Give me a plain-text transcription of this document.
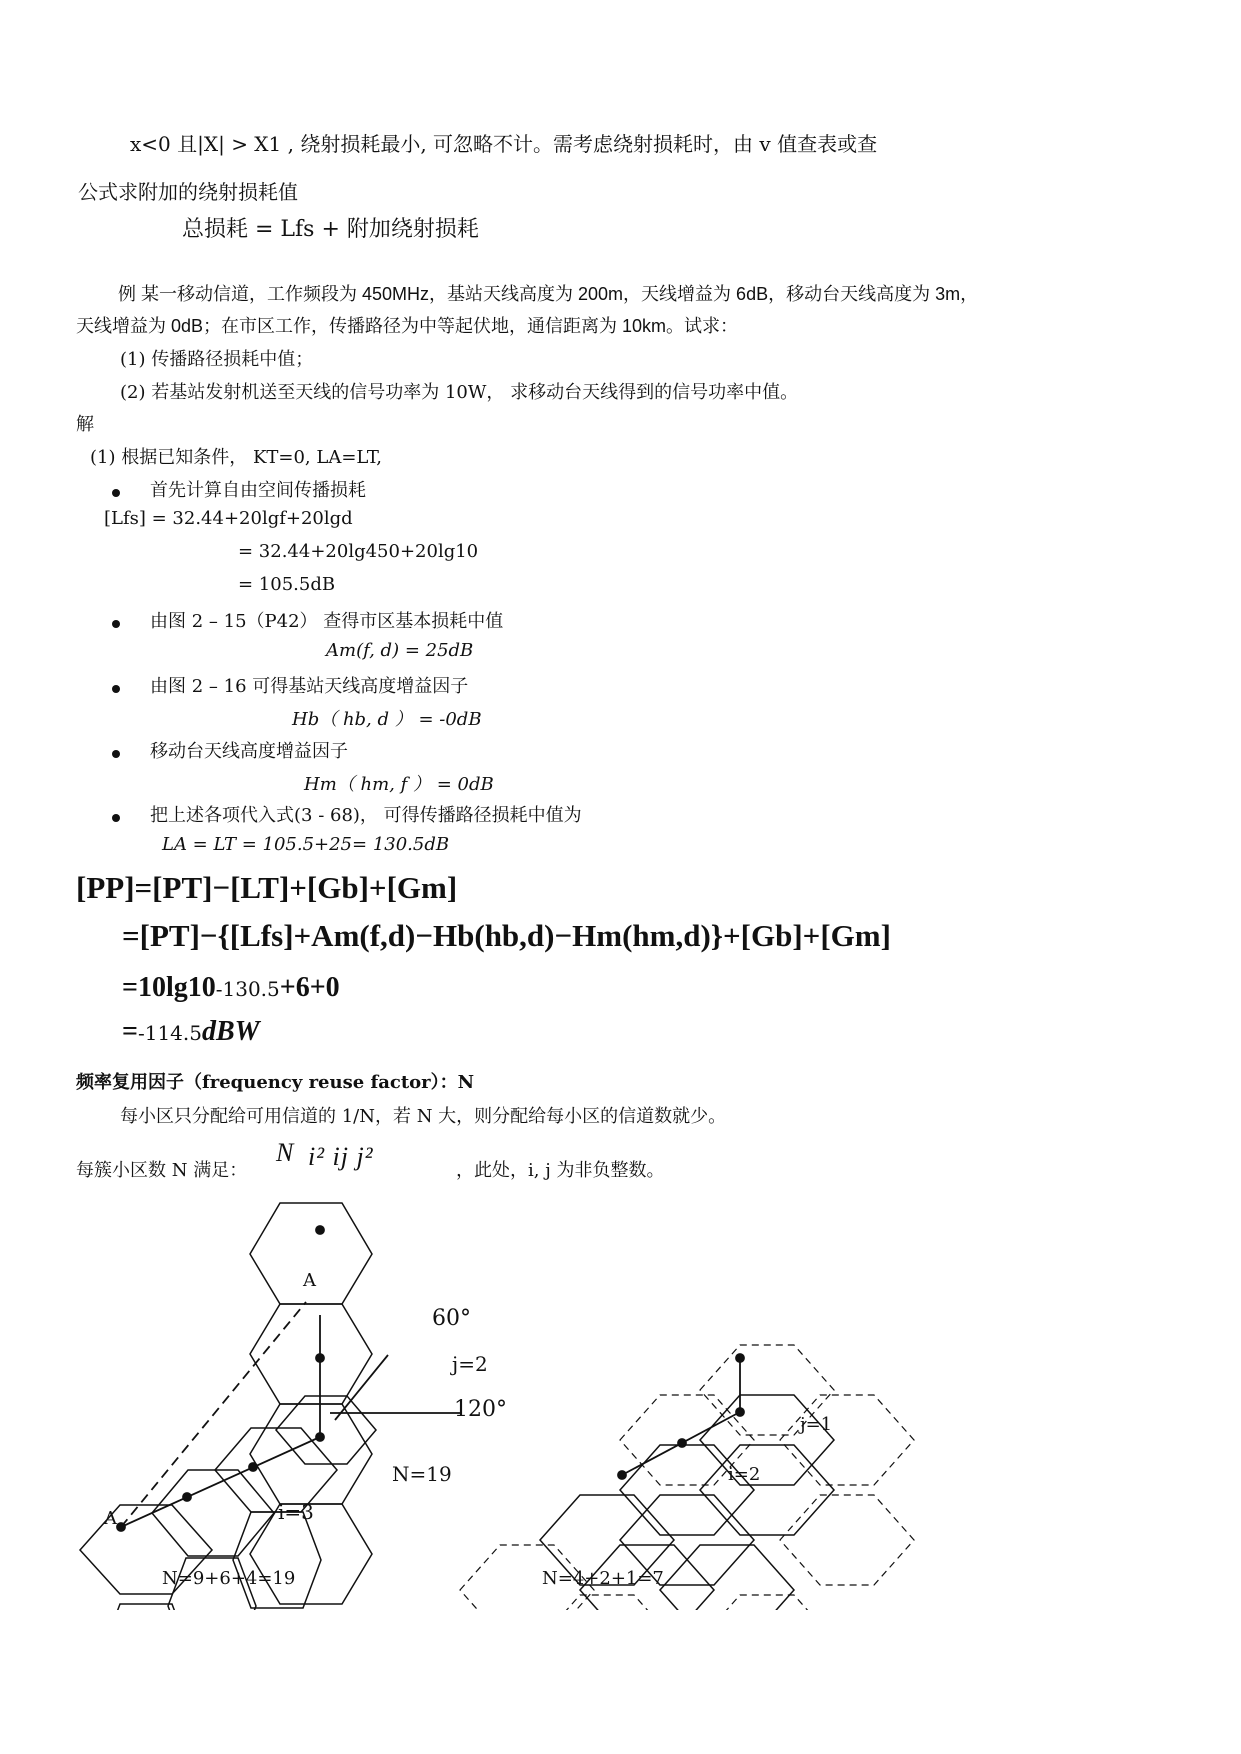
x<0 且|X| > X1 , 绕射损耗最小, 可忽略不计。需考虑绕射损耗时，由 v 值查表或查
公式求附加的绕射损耗值
总损耗 = Lfs + 附加绕射损耗
例 某一移动信道，工作频段为 450MHz，基站天线高度为 200m，天线增益为 6dB，移动台天线高度为 3m，
天线增益为 0dB；在市区工作，传播路径为中等起伏地，通信距离为 10km。试求：
(1) 传播路径损耗中值；
(2) 若基站发射机送至天线的信号功率为 10W， 求移动台天线得到的信号功率中值。
解
(1) 根据已知条件， KT=0, LA=LT,
首先计算自由空间传播损耗
[Lfs] = 32.44+20lgf+20lgd
= 32.44+20lg450+20lg10
= 105.5dB
由图 2 – 15（P42） 查得市区基本损耗中值
Am(f, d) = 25dB
由图 2 – 16 可得基站天线高度增益因子
Hb（ hb, d ） = -0dB
移动台天线高度增益因子
Hm（ hm, f ） = 0dB
把上述各项代入式(3 - 68)， 可得传播路径损耗中值为
LA = LT = 105.5+25= 130.5dB
[PP]=[PT]−[LT]+[Gb]+[Gm]
=[PT]−{[Lfs]+Am(f,d)−Hb(hb,d)−Hm(hm,d)}+[Gb]+[Gm]
=10lg10-130.5+6+0
=-114.5dBW
频率复用因子（frequency reuse factor）：N
每小区只分配给可用信道的 1/N，若 N 大，则分配给每小区的信道数就少。
每簇小区数 N 满足：
N i² ij j²	，此处，i, j 为非负整数。
A
A
60°
120°
j=2
i=3
N=19
N=9+6+4=19
j=1
i=2
N=4+2+1=7
